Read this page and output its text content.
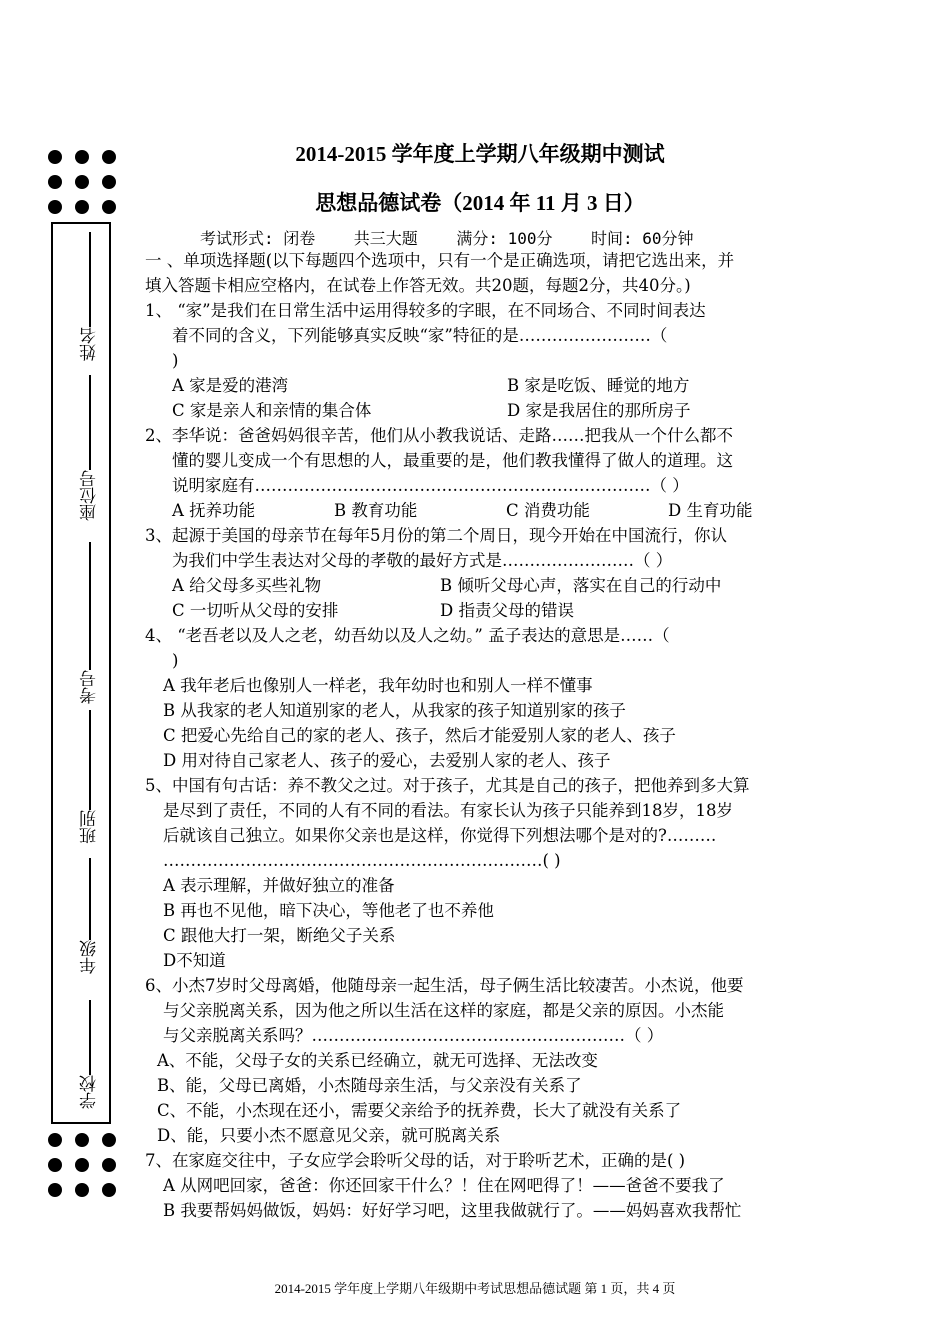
姓名
座位号
考号
班别
年级
学校
2014-2015 学年度上学期八年级期中测试
思想品德试卷（2014 年 11 月 3 日）
考试形式: 闭卷    共三大题    满分: 100分    时间: 60分钟

一 、单项选择题(以下每题四个选项中，只有一个是正确选项，请把它选出来，并

填入答题卡相应空格内，在试卷上作答无效。共20题，每题2分，共40分。)

1、 “家”是我们在日常生活中运用得较多的字眼，在不同场合、不同时间表达

着不同的含义，下列能够真实反映“家”特征的是……………………（

)

A 家是爱的港湾	B 家是吃饭、睡觉的地方
C 家是亲人和亲情的集合体	D 家是我居住的那所房子

2、李华说：爸爸妈妈很辛苦，他们从小教我说话、走路……把我从一个什么都不

懂的婴儿变成一个有思想的人，最重要的是，他们教我懂得了做人的道理。这

说明家庭有………………………………………………………………（ ）

A 抚养功能	B 教育功能	C 消费功能	D 生育功能

3、起源于美国的母亲节在每年5月份的第二个周日，现今开始在中国流行，你认

为我们中学生表达对父母的孝敬的最好方式是……………………（ ）

A 给父母多买些礼物	B 倾听父母心声，落实在自己的行动中
C 一切听从父母的安排	D 指责父母的错误

4、 “老吾老以及人之老，幼吾幼以及人之幼。” 孟子表达的意思是……（

)

A 我年老后也像别人一样老，我年幼时也和别人一样不懂事

B 从我家的老人知道别家的老人，从我家的孩子知道别家的孩子

C 把爱心先给自己的家的老人、孩子，然后才能爱别人家的老人、孩子

D 用对待自己家老人、孩子的爱心，去爱别人家的老人、孩子

5、中国有句古话：养不教父之过。对于孩子，尤其是自己的孩子，把他养到多大算

是尽到了责任，不同的人有不同的看法。有家长认为孩子只能养到18岁，18岁

后就该自己独立。如果你父亲也是这样，你觉得下列想法哪个是对的?………

……………………………………………………………( )

A 表示理解，并做好独立的准备

B 再也不见他，暗下决心，等他老了也不养他

C 跟他大打一架，断绝父子关系

D不知道

6、小杰7岁时父母离婚，他随母亲一起生活，母子俩生活比较凄苦。小杰说，他要

与父亲脱离关系，因为他之所以生活在这样的家庭，都是父亲的原因。小杰能

与父亲脱离关系吗？…………………………………………………（ ）

A、不能，父母子女的关系已经确立，就无可选择、无法改变

B、能，父母已离婚，小杰随母亲生活，与父亲没有关系了

C、不能，小杰现在还小，需要父亲给予的抚养费，长大了就没有关系了

D、能，只要小杰不愿意见父亲，就可脱离关系

7、在家庭交往中，子女应学会聆听父母的话，对于聆听艺术，正确的是( )

A 从网吧回家，爸爸：你还回家干什么？！住在网吧得了！——爸爸不要我了

B 我要帮妈妈做饭，妈妈：好好学习吧，这里我做就行了。——妈妈喜欢我帮忙

2014-2015 学年度上学期八年级期中考试思想品德试题 第 1 页，共 4 页
